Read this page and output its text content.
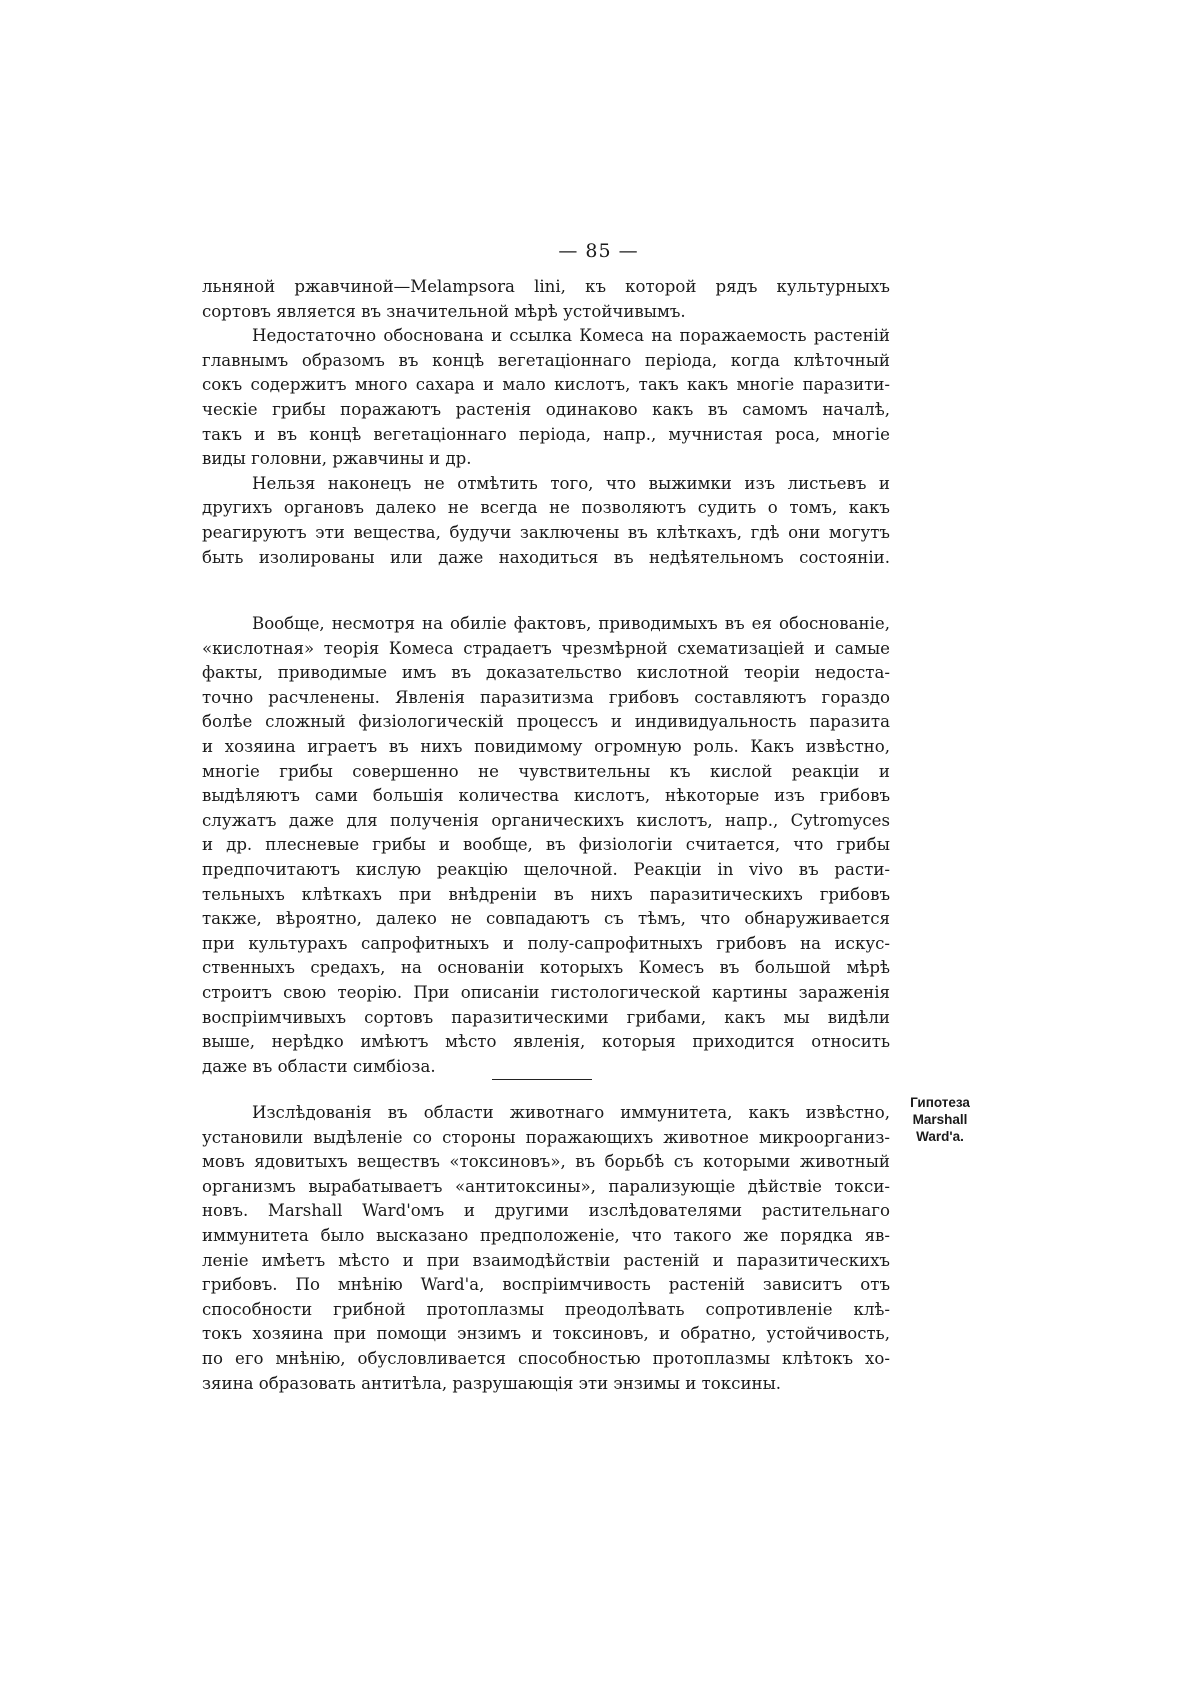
— 85 —

льняной ржавчиной—Melampsora lini, къ которой рядъ культурныхъ
сортовъ является въ значительной мѣрѣ устойчивымъ.

Недостаточно обоснована и ссылка Комеса на поражаемость растеній
главнымъ образомъ въ концѣ вегетаціоннаго періода, когда клѣточный
сокъ содержитъ много сахара и мало кислотъ, такъ какъ многіе паразити-
ческіе грибы поражаютъ растенія одинаково какъ въ самомъ началѣ,
такъ и въ концѣ вегетаціоннаго періода, напр., мучнистая роса, многіе
виды головни, ржавчины и др.

Нельзя наконецъ не отмѣтить того, что выжимки изъ листьевъ и
другихъ органовъ далеко не всегда не позволяютъ судить о томъ, какъ
реагируютъ эти вещества, будучи заключены въ клѣткахъ, гдѣ они могутъ
быть изолированы или даже находиться въ недѣятельномъ состояніи.

Вообще, несмотря на обиліе фактовъ, приводимыхъ въ ея обоснованіе,
«кислотная» теорія Комеса страдаетъ чрезмѣрной схематизаціей и самые
факты, приводимые имъ въ доказательство кислотной теоріи недоста-
точно расчленены. Явленія паразитизма грибовъ составляютъ гораздо
болѣе сложный физіологическій процессъ и индивидуальность паразита
и хозяина играетъ въ нихъ повидимому огромную роль. Какъ извѣстно,
многіе грибы совершенно не чувствительны къ кислой реакціи и
выдѣляютъ сами большія количества кислотъ, нѣкоторые изъ грибовъ
служатъ даже для полученія органическихъ кислотъ, напр., Cytromyces
и др. плесневые грибы и вообще, въ физіологіи считается, что грибы
предпочитаютъ кислую реакцію щелочной. Реакціи in vivo въ расти-
тельныхъ клѣткахъ при внѣдреніи въ нихъ паразитическихъ грибовъ
также, вѣроятно, далеко не совпадаютъ съ тѣмъ, что обнаруживается
при культурахъ сапрофитныхъ и полу-сапрофитныхъ грибовъ на искус-
ственныхъ средахъ, на основаніи которыхъ Комесъ въ большой мѣрѣ
строитъ свою теорію. При описаніи гистологической картины зараженія
воспріимчивыхъ сортовъ паразитическими грибами, какъ мы видѣли
выше, нерѣдко имѣютъ мѣсто явленія, которыя приходится относить
даже въ области симбіоза.

Гипотеза
Marshall
Ward'a.

Изслѣдованія въ области животнаго иммунитета, какъ извѣстно,
установили выдѣленіе со стороны поражающихъ животное микроорганиз-
мовъ ядовитыхъ веществъ «токсиновъ», въ борьбѣ съ которыми животный
организмъ вырабатываетъ «антитоксины», парализующіе дѣйствіе токси-
новъ. Marshall Ward'омъ и другими изслѣдователями растительнаго
иммунитета было высказано предположеніе, что такого же порядка яв-
леніе имѣетъ мѣсто и при взаимодѣйствіи растеній и паразитическихъ
грибовъ. По мнѣнію Ward'a, воспріимчивость растеній зависитъ отъ
способности грибной протоплазмы преодолѣвать сопротивленіе клѣ-
токъ хозяина при помощи энзимъ и токсиновъ, и обратно, устойчивость,
по его мнѣнію, обусловливается способностью протоплазмы клѣтокъ хо-
зяина образовать антитѣла, разрушающія эти энзимы и токсины.
